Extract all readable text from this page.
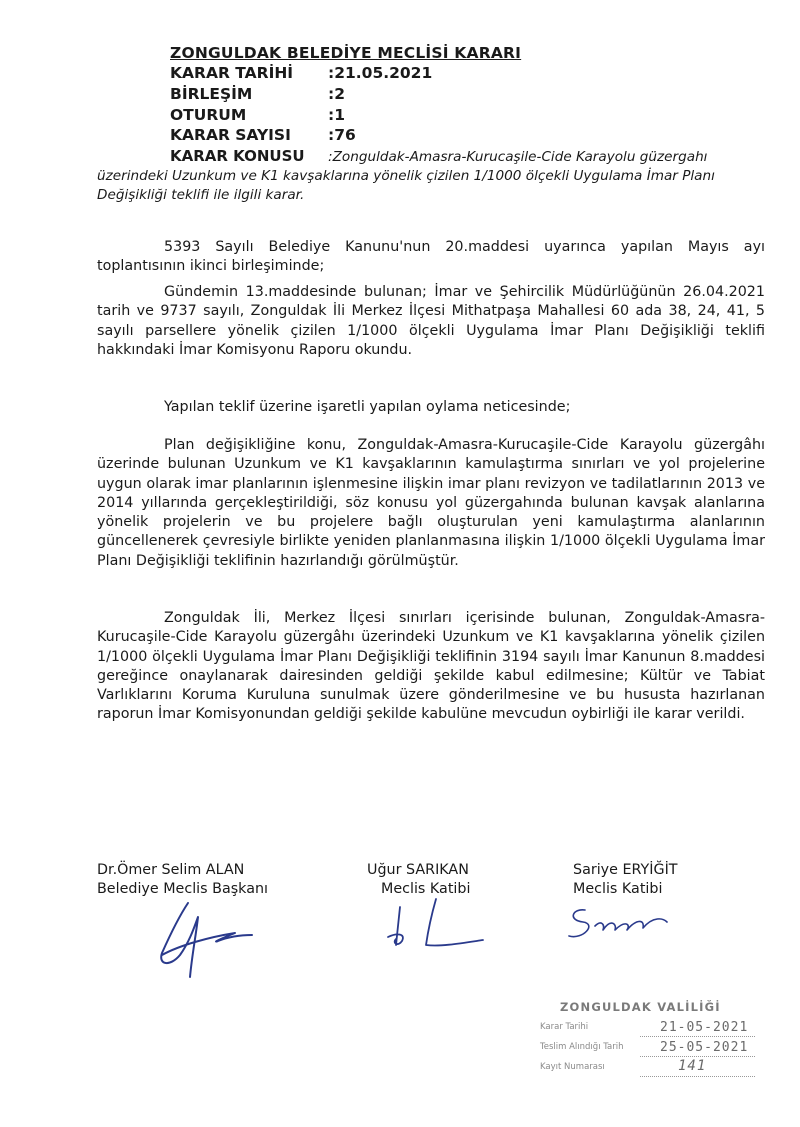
ZONGULDAK BELEDİYE MECLİSİ KARARI
KARAR TARİHİ :21.05.2021
BİRLEŞİM	:2
OTURUM	:1
KARAR SAYISI :76
KARAR KONUSU :Zonguldak-Amasra-Kurucaşile-Cide Karayolu güzergahı
üzerindeki Uzunkum ve K1 kavşaklarına yönelik çizilen 1/1000 ölçekli Uygulama İmar Planı Değişikliği teklifi ile ilgili karar.
5393 Sayılı Belediye Kanunu'nun 20.maddesi uyarınca yapılan Mayıs ayı toplantısının ikinci birleşiminde;
Gündemin 13.maddesinde bulunan; İmar ve Şehircilik Müdürlüğünün 26.04.2021 tarih ve 9737 sayılı, Zonguldak İli Merkez İlçesi Mithatpaşa Mahallesi 60 ada 38, 24, 41, 5 sayılı parsellere yönelik çizilen 1/1000 ölçekli Uygulama İmar Planı Değişikliği teklifi hakkındaki İmar Komisyonu Raporu okundu.
Yapılan teklif üzerine işaretli yapılan oylama neticesinde;
Plan değişikliğine konu, Zonguldak-Amasra-Kurucaşile-Cide Karayolu güzergâhı üzerinde bulunan Uzunkum ve K1 kavşaklarının kamulaştırma sınırları ve yol projelerine uygun olarak imar planlarının işlenmesine ilişkin imar planı revizyon ve tadilatlarının 2013 ve 2014 yıllarında gerçekleştirildiği, söz konusu yol güzergahında bulunan kavşak alanlarına yönelik projelerin ve bu projelere bağlı oluşturulan yeni kamulaştırma alanlarının güncellenerek çevresiyle birlikte yeniden planlanmasına ilişkin 1/1000 ölçekli Uygulama İmar Planı Değişikliği teklifinin hazırlandığı görülmüştür.
Zonguldak İli, Merkez İlçesi sınırları içerisinde bulunan, Zonguldak-Amasra-Kurucaşile-Cide Karayolu güzergâhı üzerindeki Uzunkum ve K1 kavşaklarına yönelik çizilen 1/1000 ölçekli Uygulama İmar Planı Değişikliği teklifinin 3194 sayılı İmar Kanunun 8.maddesi gereğince onaylanarak dairesinden geldiği şekilde kabul edilmesine; Kültür ve Tabiat Varlıklarını Koruma Kuruluna sunulmak üzere gönderilmesine ve bu hususta hazırlanan raporun İmar Komisyonundan geldiği şekilde kabulüne mevcudun oybirliği ile karar verildi.
Dr.Ömer Selim ALAN
Belediye Meclis Başkanı
Uğur SARIKAN
Meclis Katibi
Sariye ERYİĞİT
Meclis Katibi
ZONGULDAK VALİLİĞİ
Karar Tarihi	21-05-2021
Teslim Alındığı Tarih	25-05-2021
Kayıt Numarası	141
